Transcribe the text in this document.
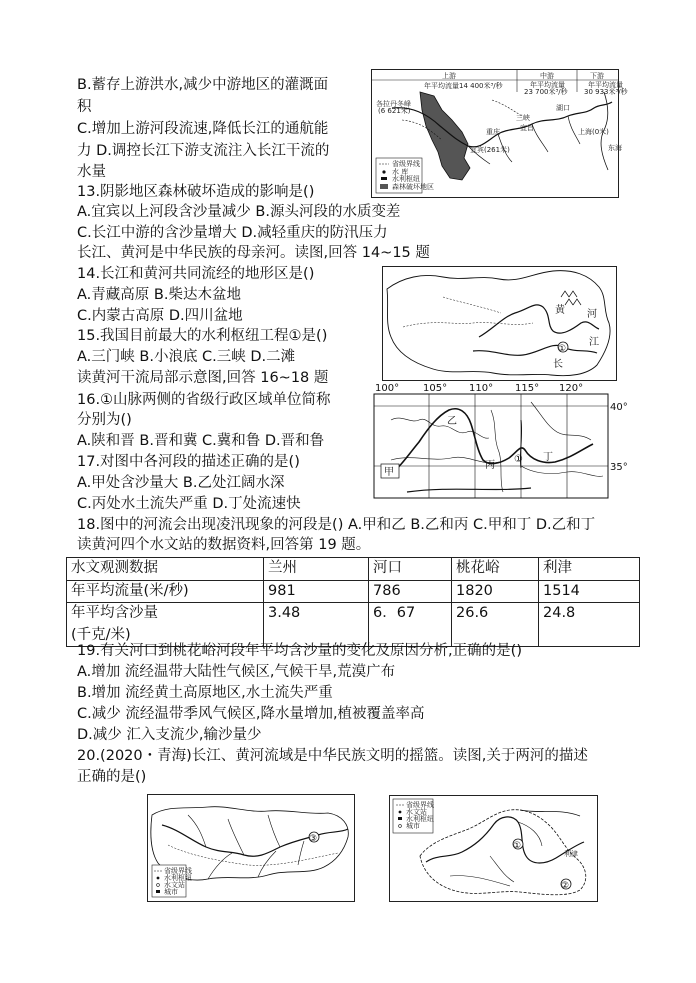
B.蓄存上游洪水,减少中游地区的灌溉面
积
C.增加上游河段流速,降低长江的通航能
力 D.调控长江下游支流注入长江干流的
水量
13.阴影地区森林破坏造成的影响是()
A.宜宾以上河段含沙量减少 B.源头河段的水质变差
C.长江中游的含沙量增大 D.减轻重庆的防汛压力
长江、黄河是中华民族的母亲河。读图,回答 14~15 题
14.长江和黄河共同流经的地形区是()
A.青藏高原 B.柴达木盆地
C.内蒙古高原 D.四川盆地
15.我国目前最大的水利枢纽工程①是()
A.三门峡 B.小浪底 C.三峡 D.二滩
读黄河干流局部示意图,回答 16~18 题
16.①山脉两侧的省级行政区域单位简称
分别为()
A.陕和晋 B.晋和冀 C.冀和鲁 D.晋和鲁
17.对图中各河段的描述正确的是()
A.甲处含沙量大 B.乙处江阔水深
C.丙处水土流失严重 D.丁处流速快
18.图中的河流会出现凌汛现象的河段是() A.甲和乙 B.乙和丙 C.甲和丁 D.乙和丁
读黄河四个水文站的数据资料,回答第 19 题。
水文观测数据	兰州	河口	桃花峪	利津
年平均流量(米/秒)	981	786	1820	1514

年平均含沙量
(千克/米)	3.48	6．67	26.6	24.8
19.有关河口到桃花峪河段年平均含沙量的变化及原因分析,正确的是()
A.增加 流经温带大陆性气候区,气候干旱,荒漠广布
B.增加 流经黄土高原地区,水土流失严重
C.减少 流经温带季风气候区,降水量增加,植被覆盖率高
D.减少 汇入支流少,输沙量少
20.(2020・青海)长江、黄河流域是中华民族文明的摇篮。读图,关于两河的描述
正确的是()
上游	中游	下游
年平均流量14 400米³/秒	年平均流量
23 700米³/秒
年平均流量
30 933米³/秒
各拉丹冬峰
(6 621米)
重庆
宜宾(261米)
三峡
宜昌
湖口
上海(0米)
东海
省级界线
水 库
水利枢纽
森林破坏地区
①
黄 河
长
江
100° 105° 110° 115° 120°
40°
35°
甲
乙
丙
丁
①
③
省级界线
水利枢纽
水文站
城市
省级界线
水文站
水利枢纽
城市
①
②
利津
